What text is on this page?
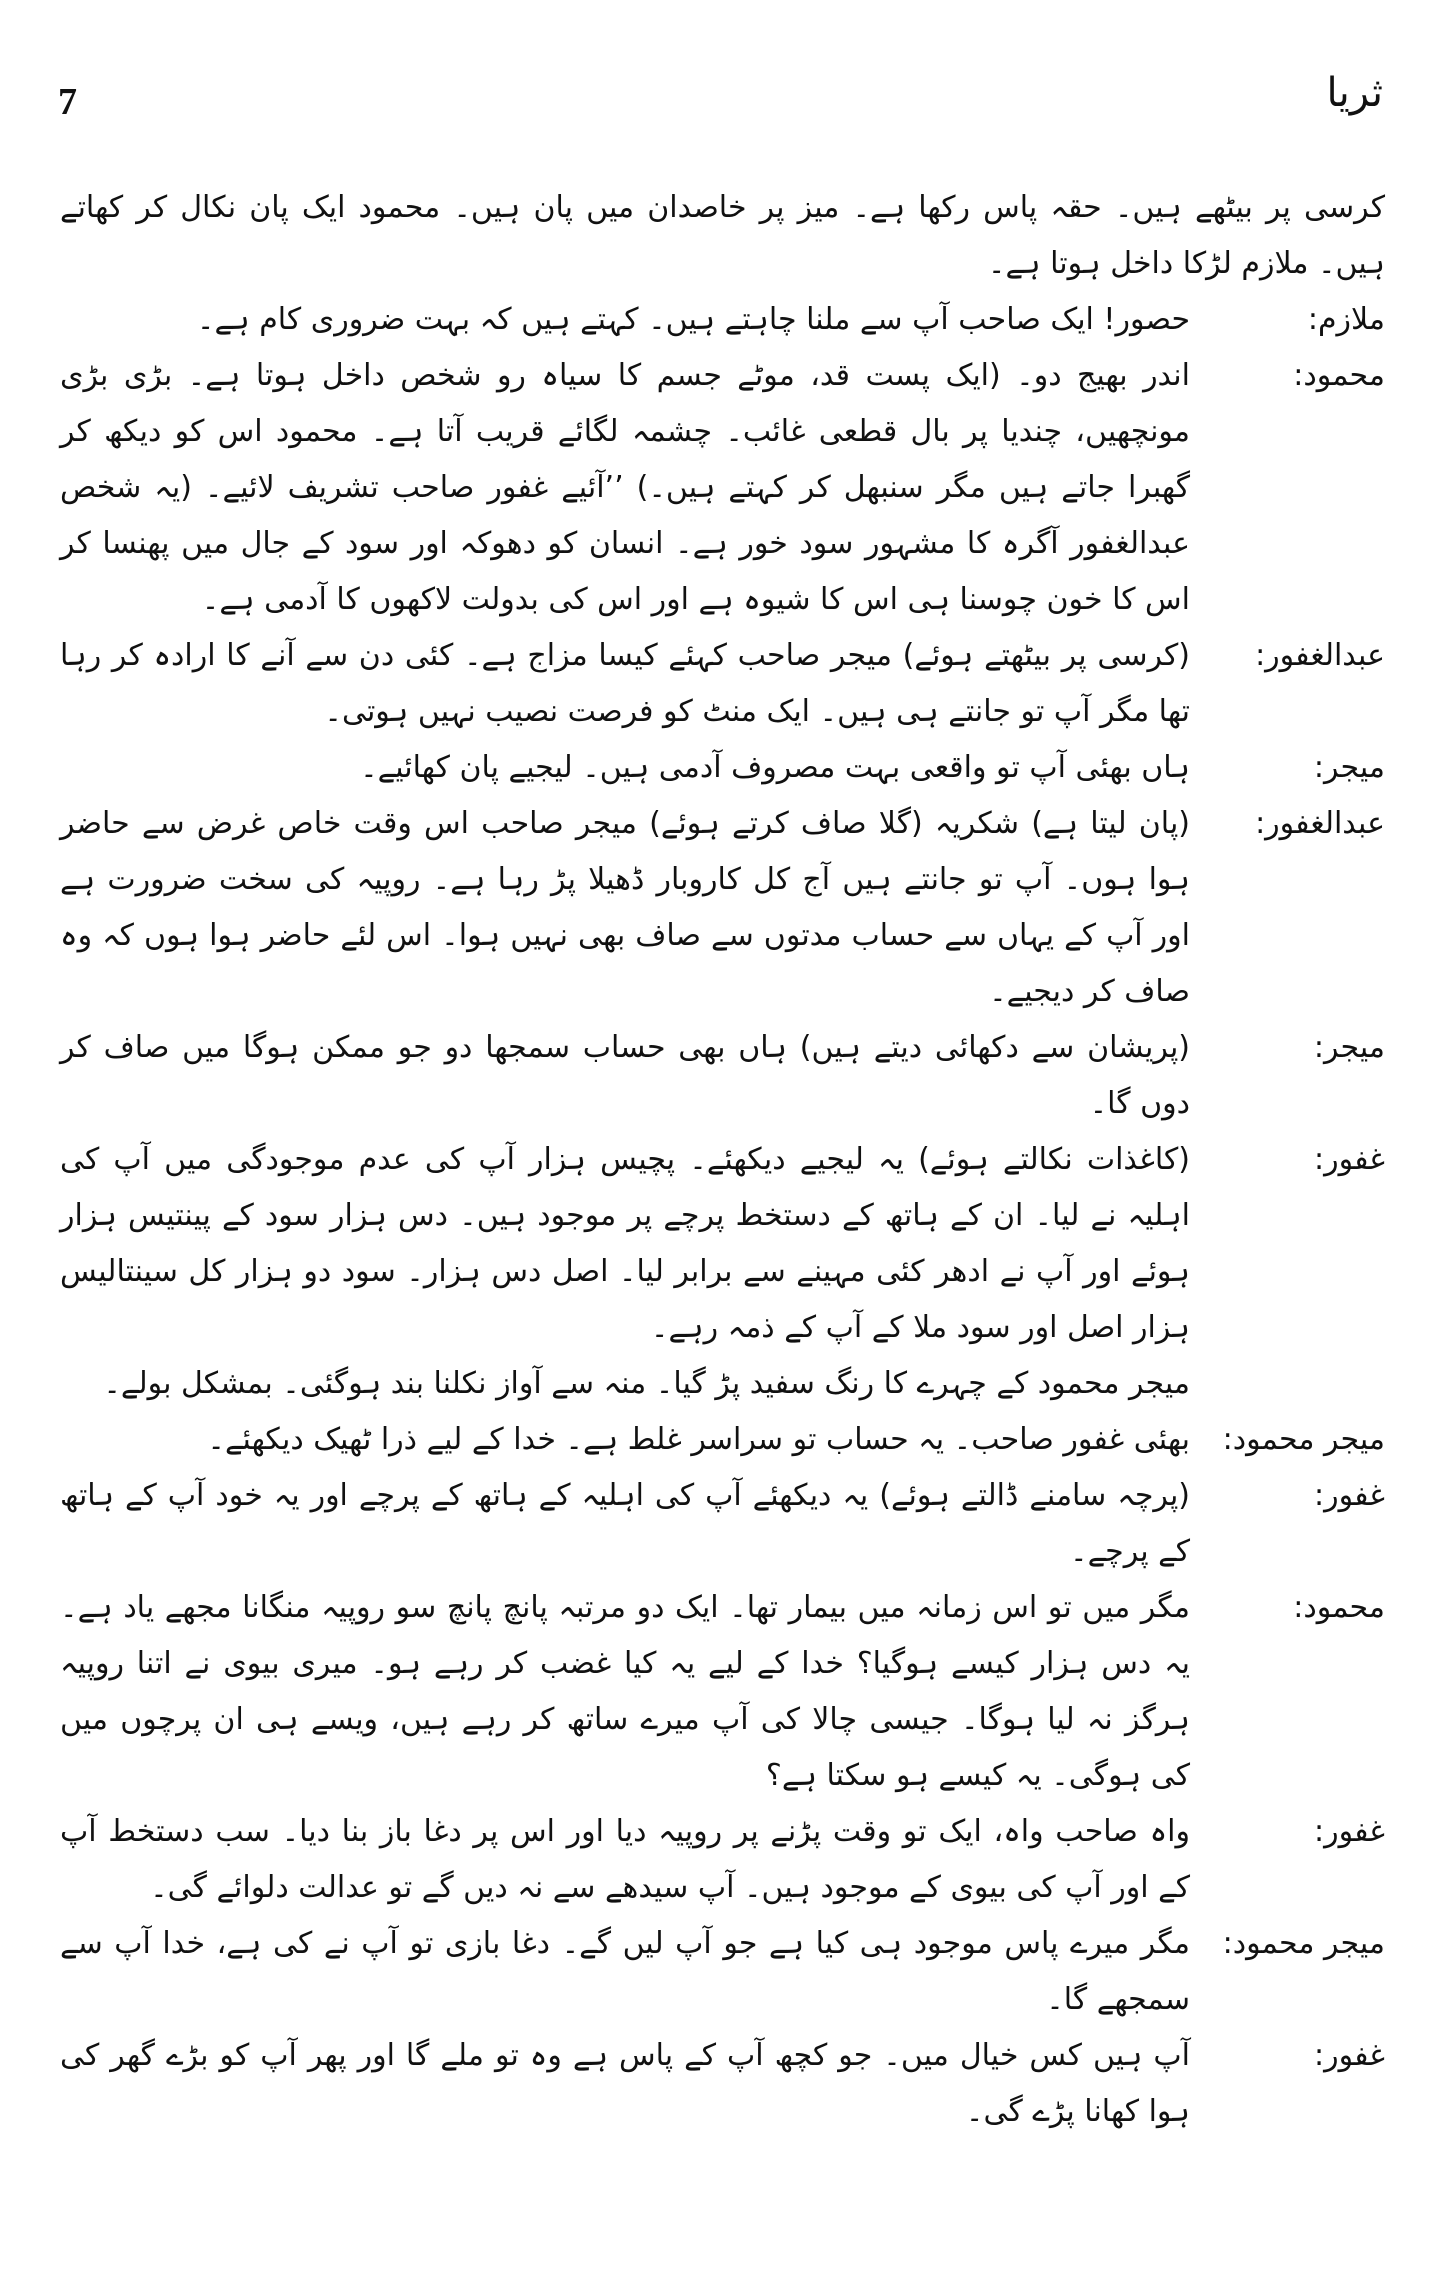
7	ثریا

کرسی پر بیٹھے ہیں۔ حقہ پاس رکھا ہے۔ میز پر خاصدان میں پان ہیں۔ محمود ایک پان نکال کر کھاتے ہیں۔ ملازم لڑکا داخل ہوتا ہے۔

ملازم:
حصور! ایک صاحب آپ سے ملنا چاہتے ہیں۔ کہتے ہیں کہ بہت ضروری کام ہے۔
محمود:
اندر بھیج دو۔ (ایک پست قد، موٹے جسم کا سیاہ رو شخص داخل ہوتا ہے۔ بڑی بڑی مونچھیں، چندیا پر بال قطعی غائب۔ چشمہ لگائے قریب آتا ہے۔ محمود اس کو دیکھ کر گھبرا جاتے ہیں مگر سنبھل کر کہتے ہیں۔) ’’آئیے غفور صاحب تشریف لائیے۔ (یہ شخص عبدالغفور آگرہ کا مشہور سود خور ہے۔ انسان کو دھوکہ اور سود کے جال میں پھنسا کر اس کا خون چوسنا ہی اس کا شیوہ ہے اور اس کی بدولت لاکھوں کا آدمی ہے۔
عبدالغفور:
(کرسی پر بیٹھتے ہوئے) میجر صاحب کہئے کیسا مزاج ہے۔ کئی دن سے آنے کا ارادہ کر رہا تھا مگر آپ تو جانتے ہی ہیں۔ ایک منٹ کو فرصت نصیب نہیں ہوتی۔
میجر:
ہاں بھئی آپ تو واقعی بہت مصروف آدمی ہیں۔ لیجیے پان کھائیے۔
عبدالغفور:
(پان لیتا ہے) شکریہ (گلا صاف کرتے ہوئے) میجر صاحب اس وقت خاص غرض سے حاضر ہوا ہوں۔ آپ تو جانتے ہیں آج کل کاروبار ڈھیلا پڑ رہا ہے۔ روپیہ کی سخت ضرورت ہے اور آپ کے یہاں سے حساب مدتوں سے صاف بھی نہیں ہوا۔ اس لئے حاضر ہوا ہوں کہ وہ صاف کر دیجیے۔
میجر:
(پریشان سے دکھائی دیتے ہیں) ہاں بھی حساب سمجھا دو جو ممکن ہوگا میں صاف کر دوں گا۔
غفور:
(کاغذات نکالتے ہوئے) یہ لیجیے دیکھئے۔ پچیس ہزار آپ کی عدم موجودگی میں آپ کی اہلیہ نے لیا۔ ان کے ہاتھ کے دستخط پرچے پر موجود ہیں۔ دس ہزار سود کے پینتیس ہزار ہوئے اور آپ نے ادھر کئی مہینے سے برابر لیا۔ اصل دس ہزار۔ سود دو ہزار کل سینتالیس ہزار اصل اور سود ملا کے آپ کے ذمہ رہے۔

میجر محمود کے چہرے کا رنگ سفید پڑ گیا۔ منہ سے آواز نکلنا بند ہوگئی۔ بمشکل بولے۔

میجر محمود:
بھئی غفور صاحب۔ یہ حساب تو سراسر غلط ہے۔ خدا کے لیے ذرا ٹھیک دیکھئے۔
غفور:
(پرچہ سامنے ڈالتے ہوئے) یہ دیکھئے آپ کی اہلیہ کے ہاتھ کے پرچے اور یہ خود آپ کے ہاتھ کے پرچے۔
محمود:
مگر میں تو اس زمانہ میں بیمار تھا۔ ایک دو مرتبہ پانچ پانچ سو روپیہ منگانا مجھے یاد ہے۔ یہ دس ہزار کیسے ہوگیا؟ خدا کے لیے یہ کیا غضب کر رہے ہو۔ میری بیوی نے اتنا روپیہ ہرگز نہ لیا ہوگا۔ جیسی چالا کی آپ میرے ساتھ کر رہے ہیں، ویسے ہی ان پرچوں میں کی ہوگی۔ یہ کیسے ہو سکتا ہے؟
غفور:
واہ صاحب واہ، ایک تو وقت پڑنے پر روپیہ دیا اور اس پر دغا باز بنا دیا۔ سب دستخط آپ کے اور آپ کی بیوی کے موجود ہیں۔ آپ سیدھے سے نہ دیں گے تو عدالت دلوائے گی۔
میجر محمود:
مگر میرے پاس موجود ہی کیا ہے جو آپ لیں گے۔ دغا بازی تو آپ نے کی ہے، خدا آپ سے سمجھے گا۔
غفور:
آپ ہیں کس خیال میں۔ جو کچھ آپ کے پاس ہے وہ تو ملے گا اور پھر آپ کو بڑے گھر کی ہوا کھانا پڑے گی۔
